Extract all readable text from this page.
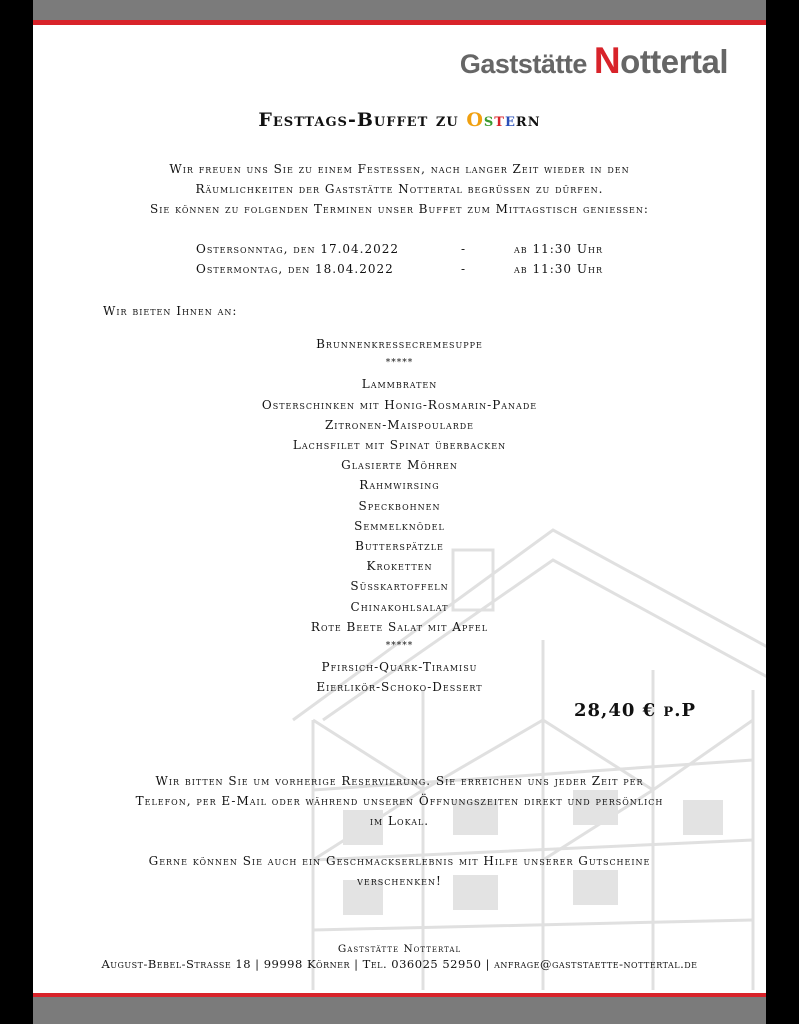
Gaststätte Nottertal
Festtags-Buffet zu Ostern
Wir freuen uns Sie zu einem Festessen, nach langer Zeit wieder in den
Räumlichkeiten der Gaststätte Nottertal begrüssen zu dürfen.
Sie können zu folgenden Terminen unser Buffet zum Mittagstisch geniessen:
Ostersonntag, den 17.04.2022	-	ab 11:30 Uhr
Ostermontag, den 18.04.2022	-	ab 11:30 Uhr
Wir bieten Ihnen an:
Brunnenkressecremesuppe
*****
Lammbraten
Osterschinken mit Honig-Rosmarin-Panade
Zitronen-Maispoularde
Lachsfilet mit Spinat überbacken
Glasierte Möhren
Rahmwirsing
Speckbohnen
Semmelknödel
Butterspätzle
Kroketten
Süsskartoffeln
Chinakohlsalat
Rote Beete Salat mit Apfel
*****
Pfirsich-Quark-Tiramisu
Eierlikör-Schoko-Dessert
28,40 € p.P
Wir bitten Sie um vorherige Reservierung. Sie erreichen uns jeder Zeit per
Telefon, per E-Mail oder während unseren Öffnungszeiten direkt und persönlich
im Lokal.
Gerne können Sie auch ein Geschmackserlebnis mit Hilfe unserer Gutscheine
verschenken!
Gaststätte Nottertal
August-Bebel-Strasse 18 | 99998 Körner | Tel. 036025 52950 | anfrage@gaststaette-nottertal.de
